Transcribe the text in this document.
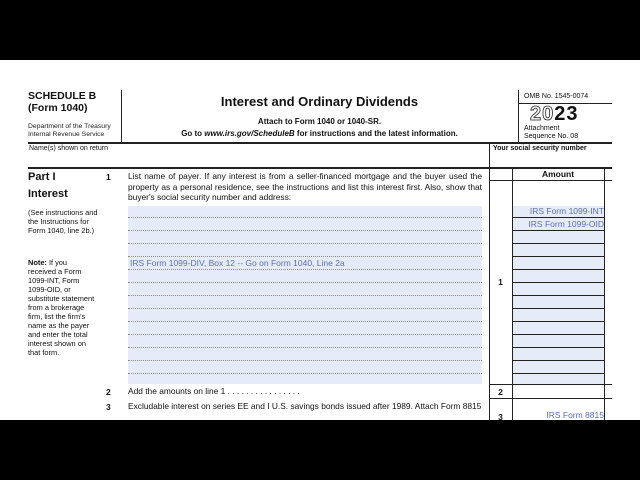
SCHEDULE B
(Form 1040)
Department of the Treasury
Internal Revenue Service
Interest and Ordinary Dividends
Attach to Form 1040 or 1040-SR.
Go to www.irs.gov/ScheduleB for instructions and the latest information.
OMB No. 1545-0074
2023
Attachment
Sequence No. 08
Name(s) shown on return	Your social security number
Part I
Interest
(See instructions and the Instructions for Form 1040, line 2b.)
Note: If you received a Form 1099-INT, Form 1099-OID, or substitute statement from a brokerage firm, list the firm's name as the payer and enter the total interest shown on that form.
1 List name of payer. If any interest is from a seller-financed mortgage and the buyer used the property as a personal residence, see the instructions and list this interest first. Also, show that buyer's social security number and address:
Amount
IRS Form 1099-DIV, Box 12 -- Go on Form 1040, Line 2a
IRS Form 1099-INT
IRS Form 1099-OID
1
2 Add the amounts on line 1 . . . . . . . . . . . . . . . .	2
3 Excludable interest on series EE and I U.S. savings bonds issued after 1989. Attach Form 8815
3	IRS Form 8815
